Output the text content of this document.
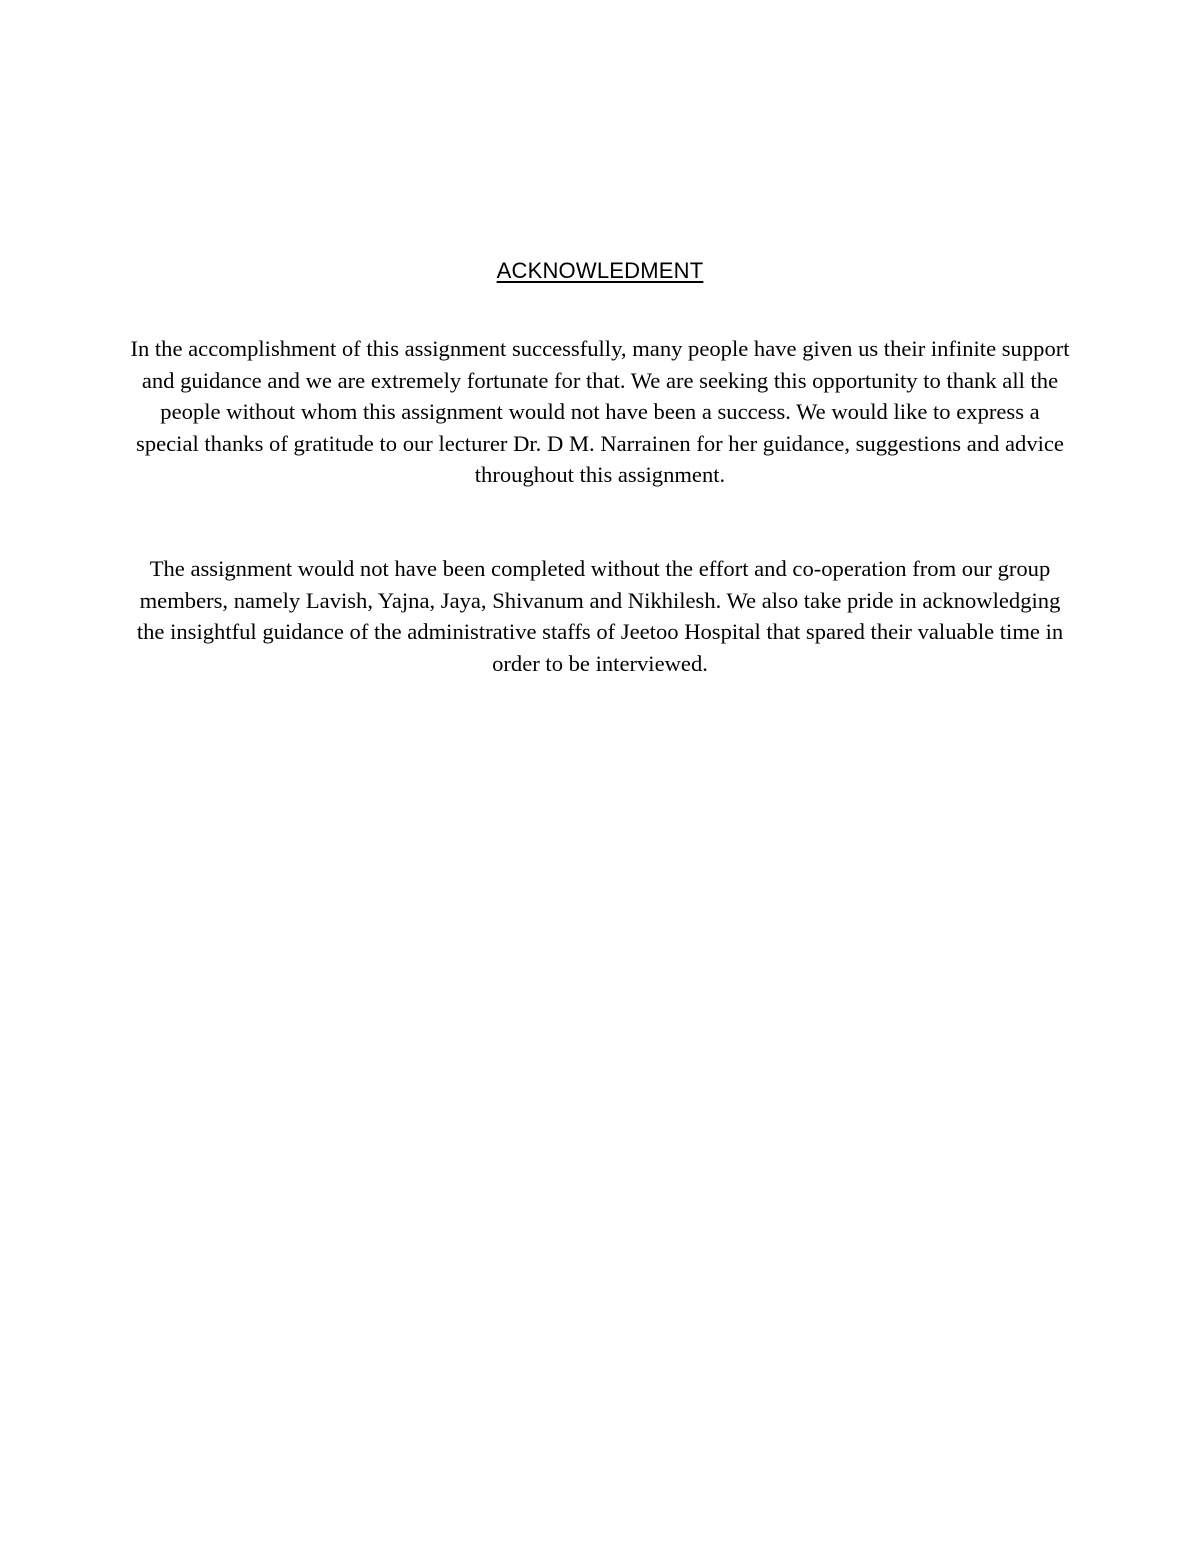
ACKNOWLEDMENT

In the accomplishment of this assignment successfully, many people have given us their infinite support and guidance and we are extremely fortunate for that. We are seeking this opportunity to thank all the people without whom this assignment would not have been a success. We would like to express a special thanks of gratitude to our lecturer Dr. D M. Narrainen for her guidance, suggestions and advice throughout this assignment.

The assignment would not have been completed without the effort and co-operation from our group members, namely Lavish, Yajna, Jaya, Shivanum and Nikhilesh. We also take pride in acknowledging the insightful guidance of the administrative staffs of Jeetoo Hospital that spared their valuable time in order to be interviewed.
